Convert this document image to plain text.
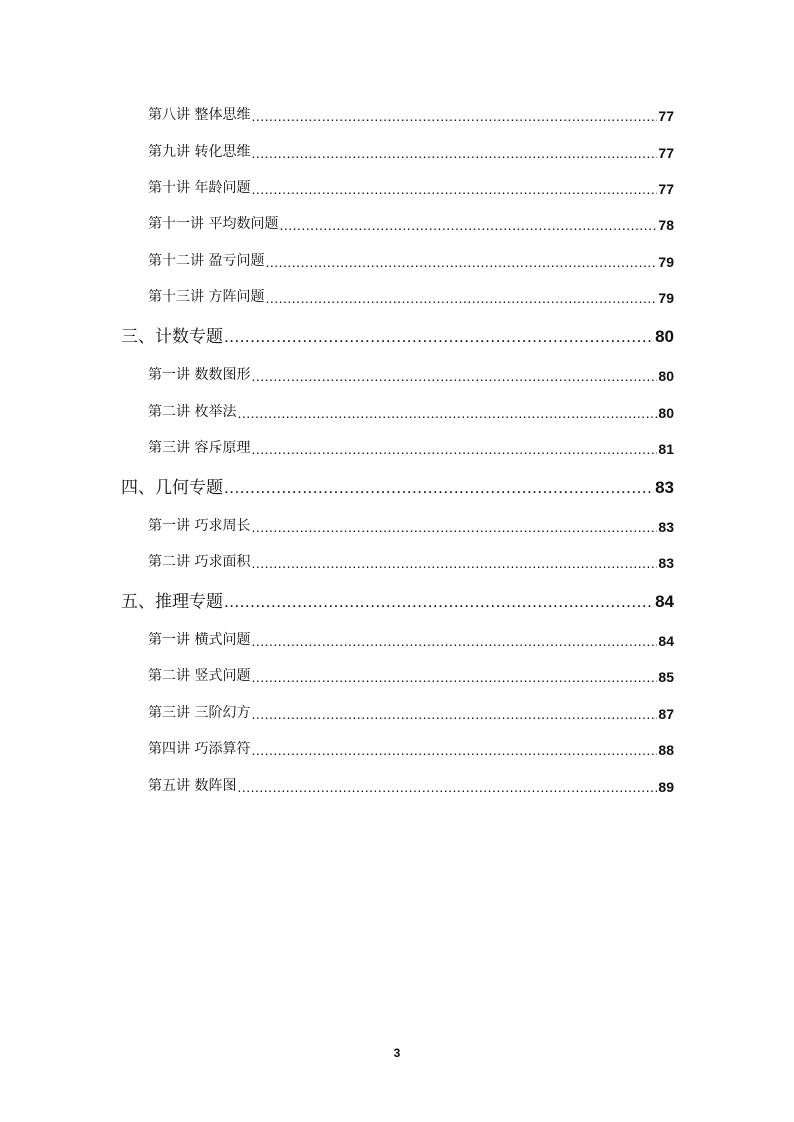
第八讲 整体思维 .....	77
第九讲 转化思维 .....	77
第十讲 年龄问题 .....	77
第十一讲 平均数问题 .....	78
第十二讲 盈亏问题 .....	79
第十三讲 方阵问题 .....	79
三、计数专题 .....	80
第一讲 数数图形 .....	80
第二讲 枚举法 .....	80
第三讲 容斥原理 .....	81
四、几何专题 .....	83
第一讲 巧求周长 .....	83
第二讲 巧求面积 .....	83
五、推理专题 .....	84
第一讲 横式问题 .....	84
第二讲 竖式问题 .....	85
第三讲 三阶幻方 .....	87
第四讲 巧添算符 .....	88
第五讲 数阵图 .....	89
3
